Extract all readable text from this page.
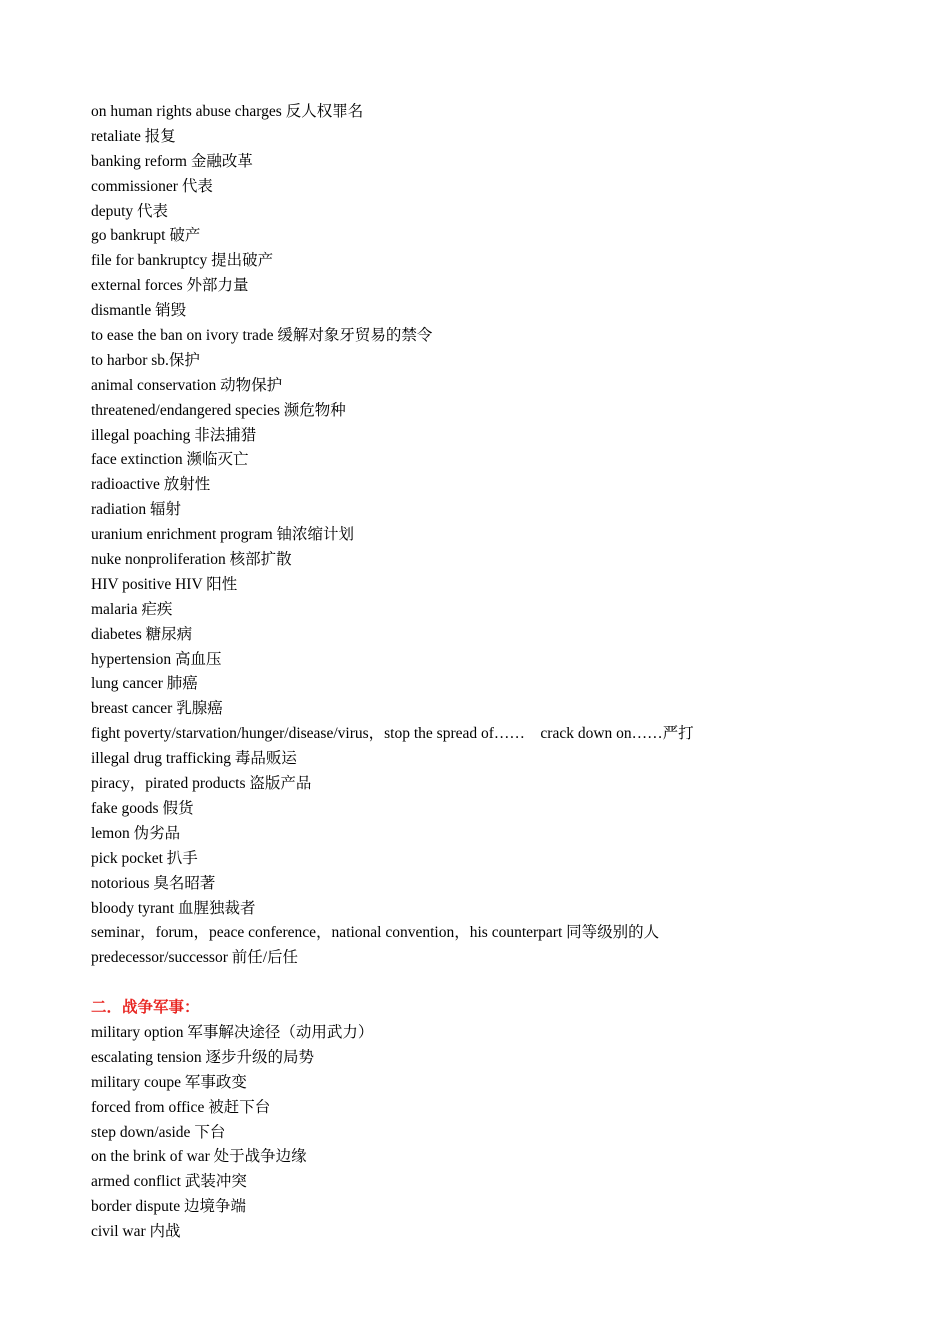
on human rights abuse charges 反人权罪名
retaliate 报复
banking reform 金融改革
commissioner 代表
deputy 代表
go bankrupt 破产
file for bankruptcy 提出破产
external forces 外部力量
dismantle 销毁
to ease the ban on ivory trade 缓解对象牙贸易的禁令
to harbor sb.保护
animal conservation 动物保护
threatened/endangered species 濒危物种
illegal poaching 非法捕猎
face extinction 濒临灭亡
radioactive 放射性
radiation 辐射
uranium enrichment program 铀浓缩计划
nuke nonproliferation 核部扩散
HIV positive HIV 阳性
malaria 疟疾
diabetes 糖尿病
hypertension 高血压
lung cancer 肺癌
breast cancer 乳腺癌
fight poverty/starvation/hunger/disease/virus，stop the spread of……    crack down on……严打
illegal drug trafficking 毒品贩运
piracy，pirated products 盗版产品
fake goods 假货
lemon 伪劣品
pick pocket 扒手
notorious 臭名昭著
bloody tyrant 血腥独裁者
seminar，forum，peace conference，national convention，his counterpart 同等级别的人
predecessor/successor 前任/后任
二．战争军事：
military option 军事解决途径（动用武力）
escalating tension 逐步升级的局势
military coupe 军事政变
forced from office 被赶下台
step down/aside 下台
on the brink of war 处于战争边缘
armed conflict 武装冲突
border dispute 边境争端
civil war 内战
